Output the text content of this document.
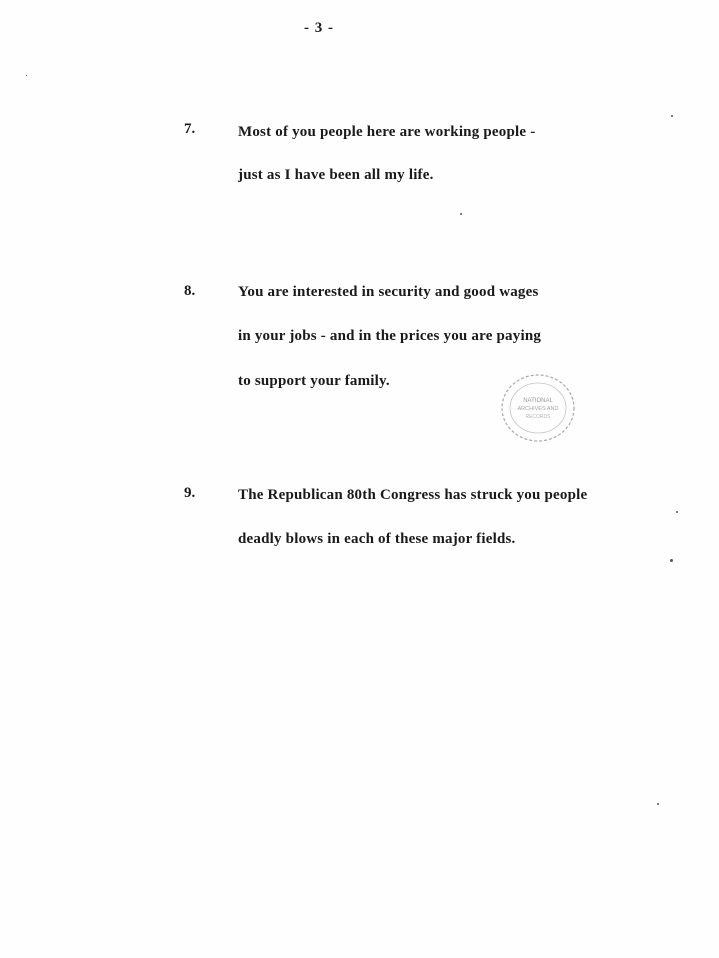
- 3 -
7.	Most of you people here are working people -
just as I have been all my life.
8.	You are interested in security and good wages
in your jobs - and in the prices you are paying
to support your family.
NATIONAL
ARCHIVES AND
RECORDS
9.	The Republican 80th Congress has struck you people
deadly blows in each of these major fields.
